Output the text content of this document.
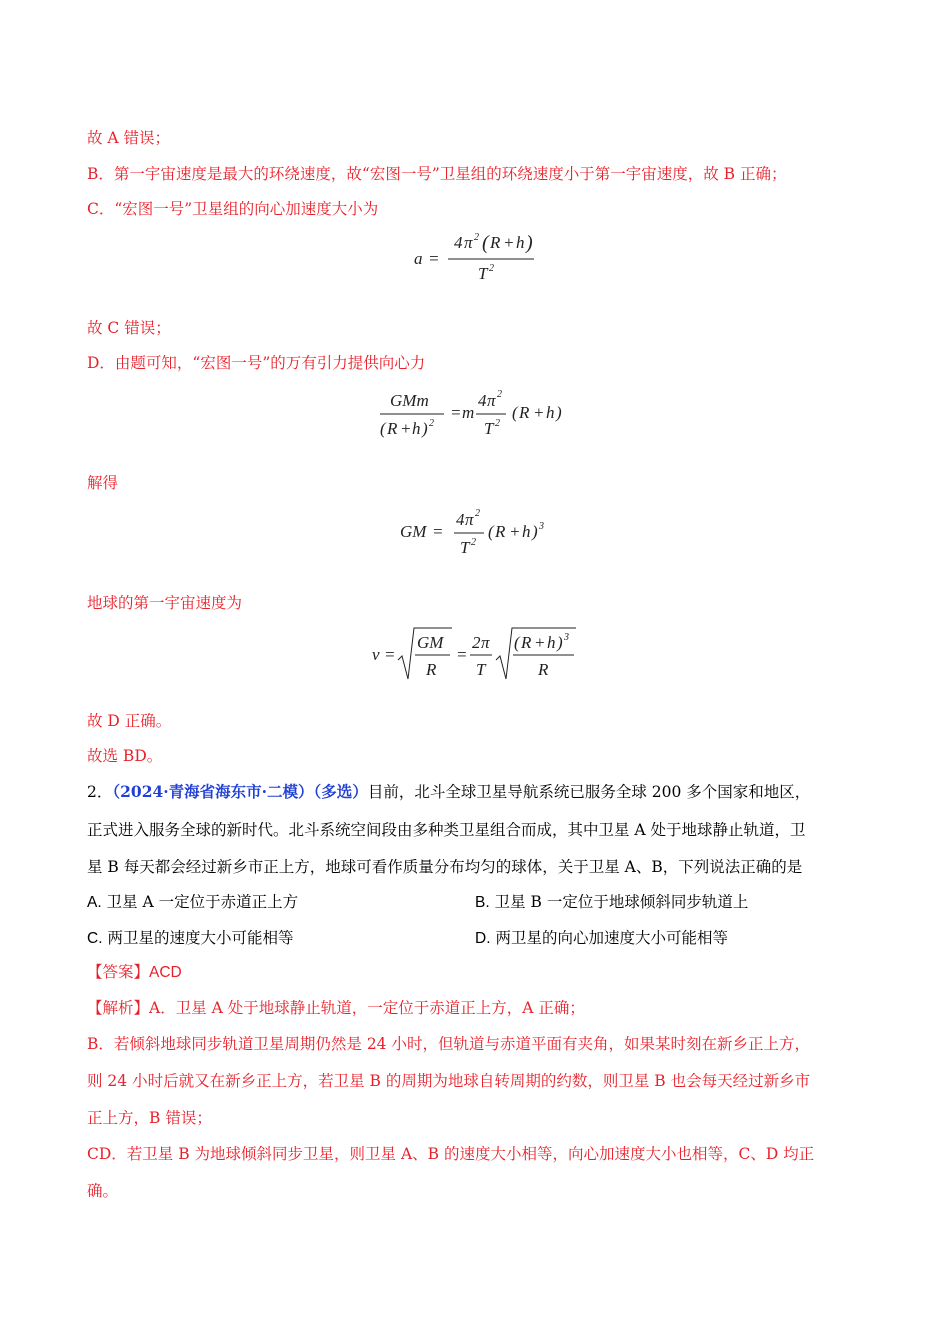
故 A 错误；
B．第一宇宙速度是最大的环绕速度，故“宏图一号”卫星组的环绕速度小于第一宇宙速度，故 B 正确；
C．“宏图一号”卫星组的向心加速度大小为
a =
4 π 2 ( R + h )
T 2
故 C 错误；
D．由题可知，“宏图一号”的万有引力提供向心力
GMm
( R + h ) 2
= m
4 π 2
T 2
( R + h )
解得
GM =
4 π 2
T 2
( R + h ) 3
地球的第一宇宙速度为
v =
GM
R
=
2 π
T
( R + h ) 3
R
故 D 正确。
故选 BD。
2．（2024·青海省海东市·二模）（多选）目前，北斗全球卫星导航系统已服务全球 200 多个国家和地区，
正式进入服务全球的新时代。北斗系统空间段由多种类卫星组合而成，其中卫星 A 处于地球静止轨道，卫
星 B 每天都会经过新乡市正上方，地球可看作质量分布均匀的球体，关于卫星 A、B，下列说法正确的是
A. 卫星 A 一定位于赤道正上方	B. 卫星 B 一定位于地球倾斜同步轨道上
C. 两卫星的速度大小可能相等	D. 两卫星的向心加速度大小可能相等
【答案】ACD
【解析】A．卫星 A 处于地球静止轨道，一定位于赤道正上方，A 正确；
B．若倾斜地球同步轨道卫星周期仍然是 24 小时，但轨道与赤道平面有夹角，如果某时刻在新乡正上方，
则 24 小时后就又在新乡正上方，若卫星 B 的周期为地球自转周期的约数，则卫星 B 也会每天经过新乡市
正上方，B 错误；
CD．若卫星 B 为地球倾斜同步卫星，则卫星 A、B 的速度大小相等，向心加速度大小也相等，C、D 均正
确。
